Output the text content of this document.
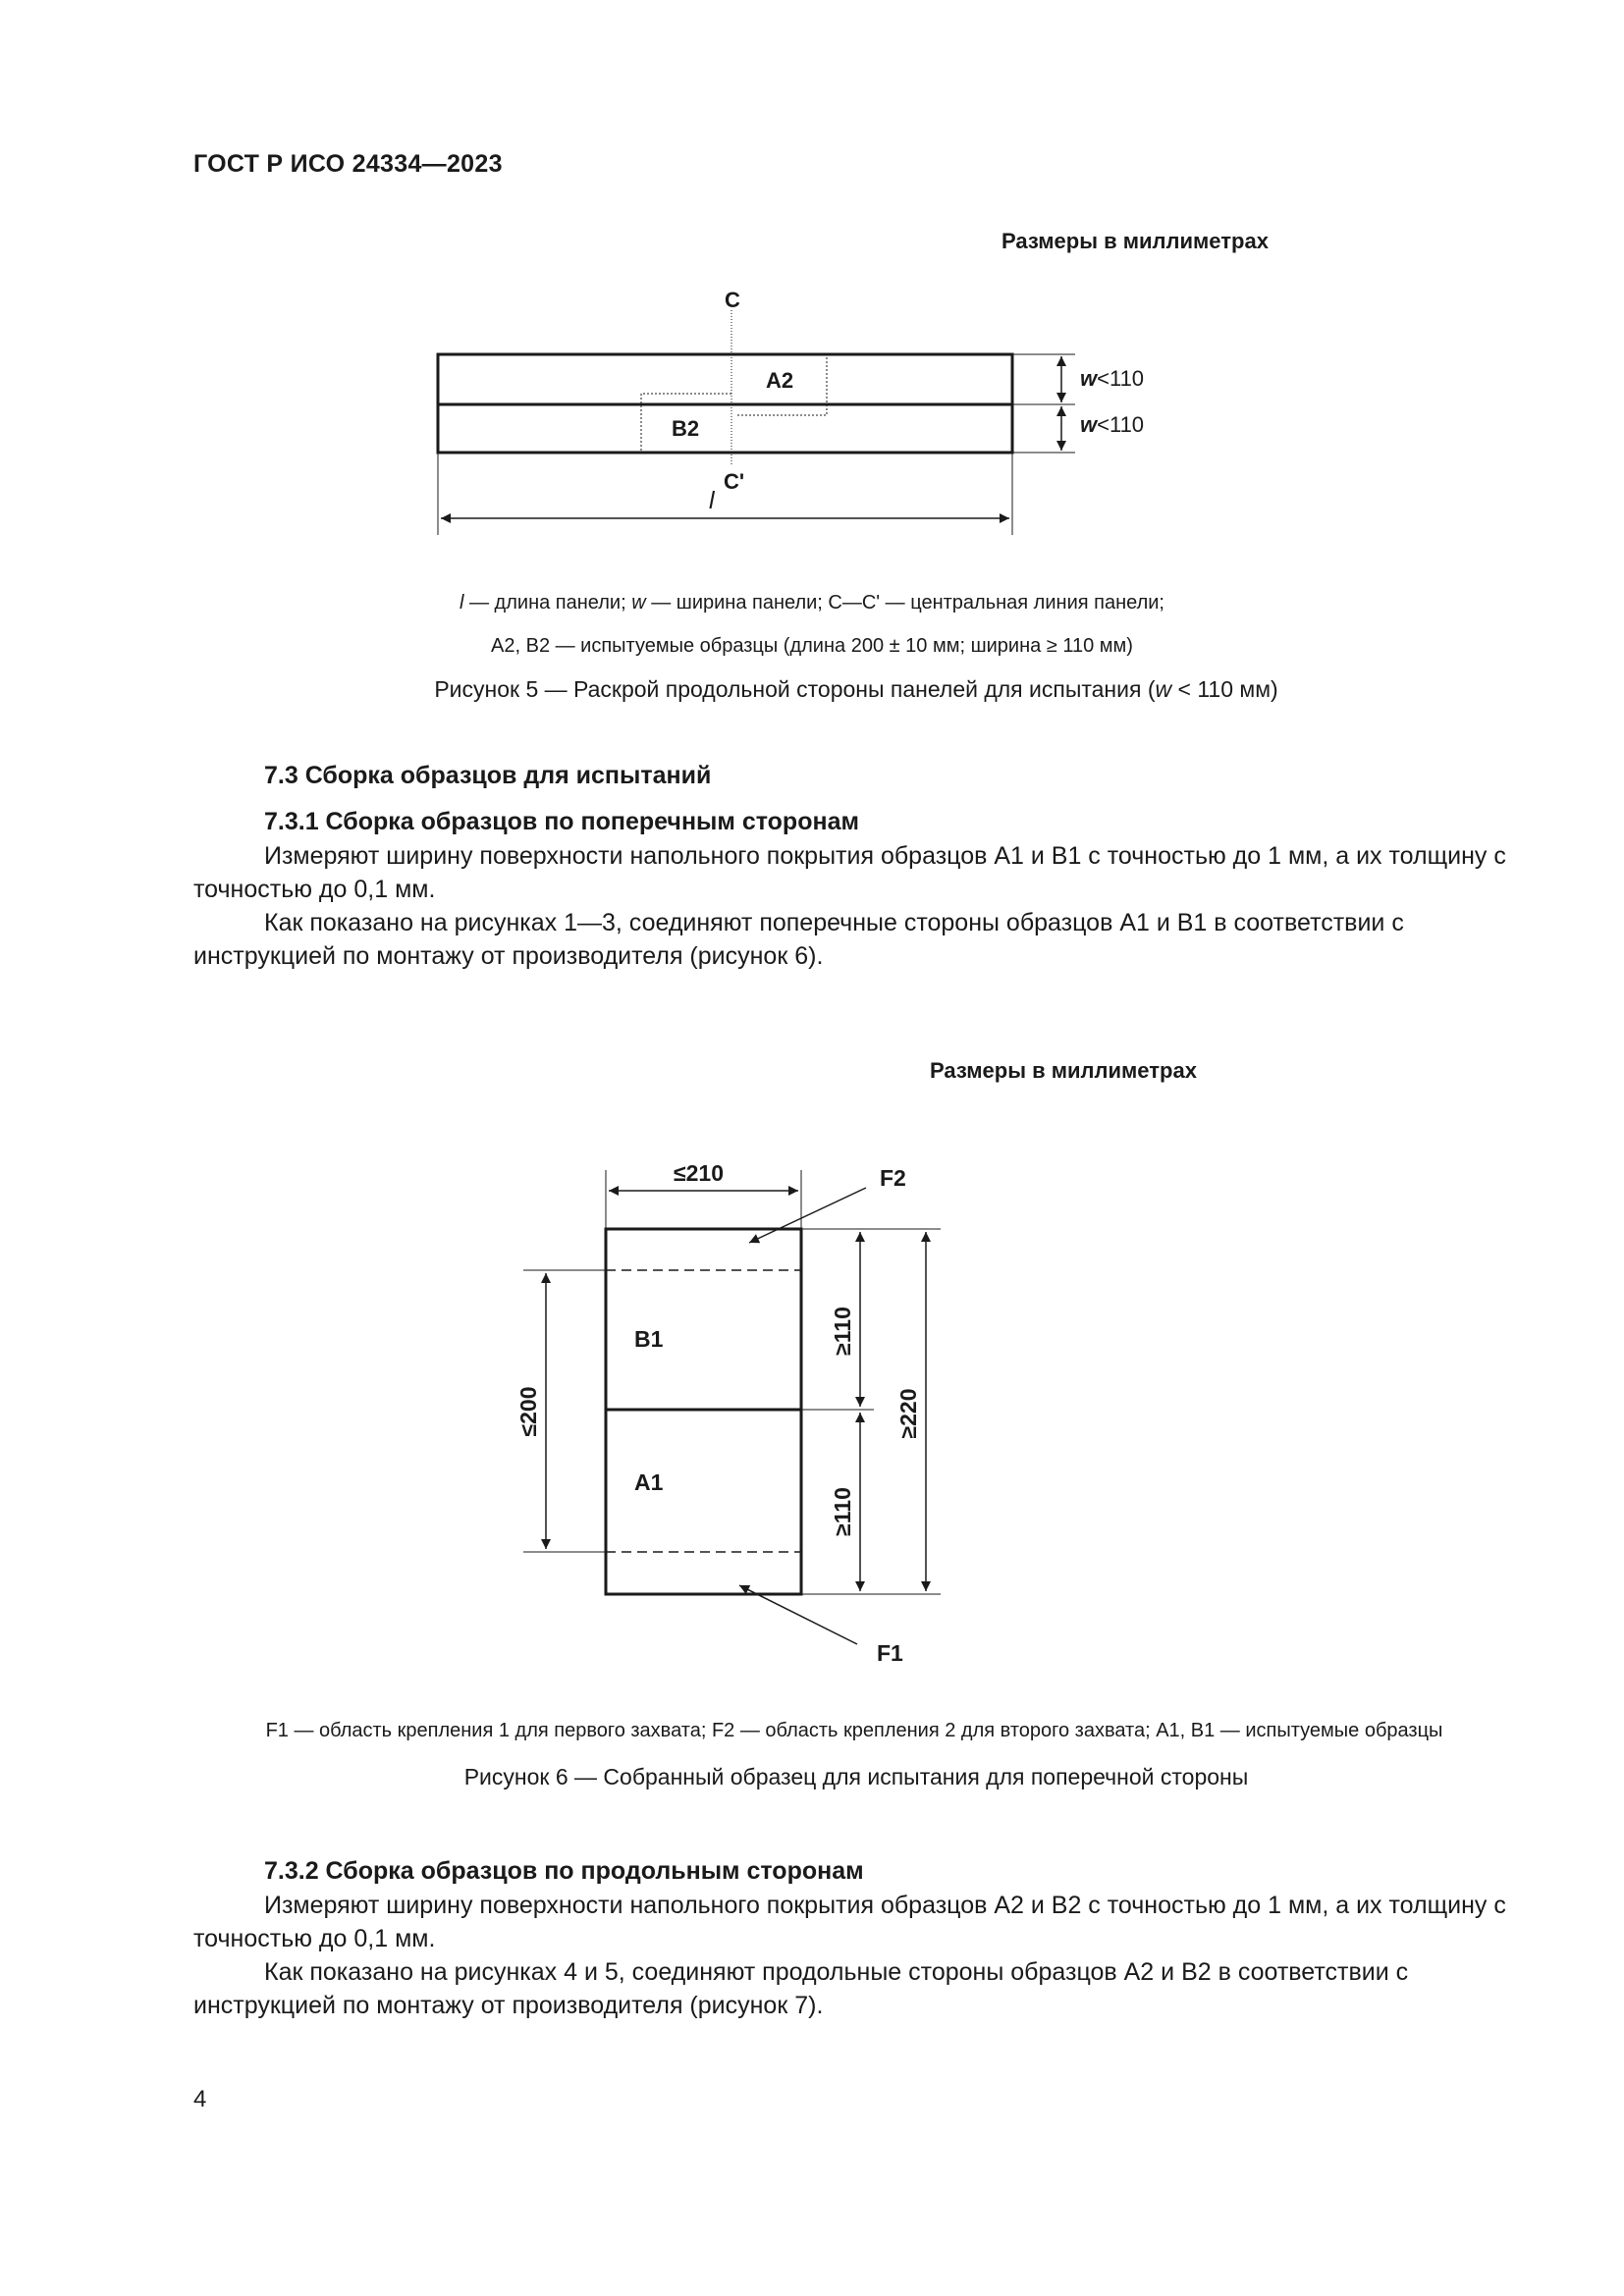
ГОСТ Р ИСО 24334—2023
Размеры в миллиметрах
C
C'
A2
B2
w<110
w<110
l
l — длина панели; w — ширина панели; С—С' — центральная линия панели;
А2, В2 — испытуемые образцы (длина 200 ± 10 мм; ширина ≥ 110 мм)
Рисунок 5 — Раскрой продольной стороны панелей для испытания (w < 110 мм)
7.3 Сборка образцов для испытаний
7.3.1 Сборка образцов по поперечным сторонам

Измеряют ширину поверхности напольного покрытия образцов А1 и В1 с точностью до 1 мм, а их толщину с точностью до 0,1 мм.

Как показано на рисунках 1—3, соединяют поперечные стороны образцов А1 и В1 в соответствии с инструкцией по монтажу от производителя (рисунок 6).

Размеры в миллиметрах
B1
A1
≤210	F2
F1
≤200
≥110
≥110
≥220
F1 — область крепления 1 для первого захвата; F2 — область крепления 2 для второго захвата; А1, В1 — испытуемые образцы
Рисунок 6 — Собранный образец для испытания для поперечной стороны
7.3.2 Сборка образцов по продольным сторонам

Измеряют ширину поверхности напольного покрытия образцов А2 и В2 с точностью до 1 мм, а их толщину с точностью до 0,1 мм.

Как показано на рисунках 4 и 5, соединяют продольные стороны образцов А2 и В2 в соответствии с инструкцией по монтажу от производителя (рисунок 7).

4
